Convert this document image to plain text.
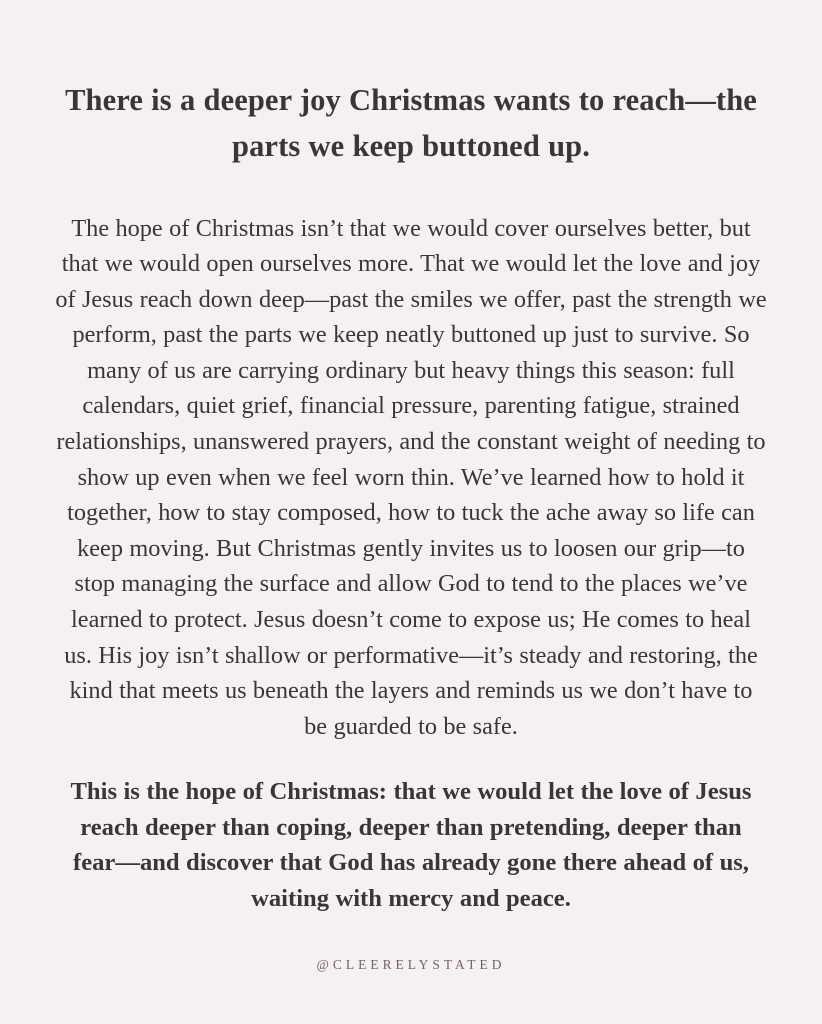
There is a deeper joy Christmas wants to reach—the parts we keep buttoned up.

The hope of Christmas isn’t that we would cover ourselves better, but that we would open ourselves more. That we would let the love and joy of Jesus reach down deep—past the smiles we offer, past the strength we perform, past the parts we keep neatly buttoned up just to survive. So many of us are carrying ordinary but heavy things this season: full calendars, quiet grief, financial pressure, parenting fatigue, strained relationships, unanswered prayers, and the constant weight of needing to show up even when we feel worn thin. We’ve learned how to hold it together, how to stay composed, how to tuck the ache away so life can keep moving. But Christmas gently invites us to loosen our grip—to stop managing the surface and allow God to tend to the places we’ve learned to protect. Jesus doesn’t come to expose us; He comes to heal us. His joy isn’t shallow or performative—it’s steady and restoring, the kind that meets us beneath the layers and reminds us we don’t have to be guarded to be safe.

This is the hope of Christmas: that we would let the love of Jesus reach deeper than coping, deeper than pretending, deeper than fear—and discover that God has already gone there ahead of us, waiting with mercy and peace.

@CLEERELYSTATED
